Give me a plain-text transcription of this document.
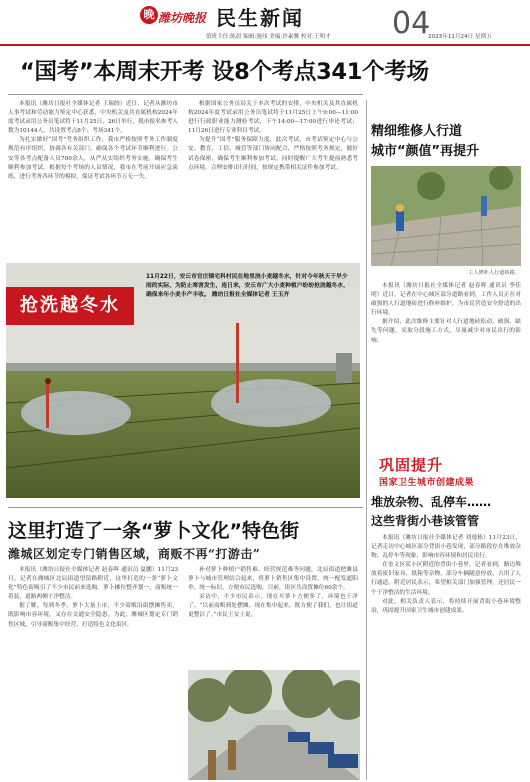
晚 潍坊晚报 民生新闻
值班主任:陈晨 编辑:施玮 美编:许素馨 校对:王明才 04
2023年11月24日 星期五
“国考”本周末开考 设8个考点341个考场

本报讯（潍坊日报社全媒体记者 王瑞皎）近日，记者从潍坊市人事考试和劳动能力鉴定中心获悉，中央机关及其直属机构2024年度考试录用公务员笔试将于11月25日、26日举行，我市报名参考人数为10144人，共设置考点8个、考场341个。

为扎实做好“国考”考务组织工作，我市严格按照考务工作制度规范有序组织，协调各有关部门，确保各个考试环节顺利进行。公安等各考点配备人员700余人，从严从实组织考务实施，确保考生顺利参加考试。根据每个考场的人员情况，我市在考前开展应急演练，进行考务各环节的模拟，保证考试各环节万无一失。

根据国家公务员局关于本次考试的安排，中央机关及其直属机构2024年度考试录用公务员笔试将于11月25日上午9:00—11:00进行行政职业能力测验考试，下午14:00—17:00进行申论考试；11月26日进行专业科目考试。

为提升“国考”服务保障力度，此次考试，市考试鉴定中心与公安、教育、工信、城管等部门协同配合，严格按照考务规定，做好试卷保密，确保考生顺利参加考试。同时提醒广大考生提前熟悉考点环境，合理安排出行时间，按规定携带相关证件参加考试。

抢洗越冬水
11月22日，安丘市官庄镇宅科村民在地里浇小麦越冬水，针对今年秋天干旱少雨的实际，为防止寒害发生，连日来，安丘市广大小麦种植户纷纷抢浇越冬水，确保来年小麦丰产丰收。 潍坊日报社全媒体记者 王玉齐
这里打造了一条“萝卜文化”特色街
潍城区划定专门销售区域，商贩不再“打游击”

本报讯（潍坊日报社全媒体记者 赵春晖 通讯员 夏鹏）11月23日，记者在潍城区北辰街道望留路附近，这里打造的一条“萝卜文化”特色街吸引了不少市民前来选购。萝卜摊位整齐划一，商贩统一着装，道路两侧干净整洁。

据了解，每到冬季，萝卜大量上市，不少商贩沿街摆摊售卖，既影响市容环境，又存在交通安全隐患。为此，潍城区划定专门销售区域，引导商贩集中经营，打造特色文化街区。

补对萝卜种植户销售难、经营规范难等问题，北辰街道把潍县萝卜与城市管理结合起来，将萝卜销售区集中设置，统一配发遮阳伞、统一标识，方便市民选购。目前，街区共设置摊位60余个。

采访中，不少市民表示，现在买萝卜方便多了，环境也干净了。“以前商贩到处摆摊，现在集中起来，既方便了我们，也让街道更整洁了。”市民王女士说。

精细维修人行道
城市“颜值”再提升
工人修补人行道砖路。

本报讯（潍坊日报社全媒体记者 赵春晖 通讯员 李佳明）近日，记者在中心城区部分道路看到，工作人员正在对破损的人行道地砖进行修补维护，为市民营造安全舒适的出行环境。

据介绍，此次维修主要针对人行道地砖松动、破损、缺失等问题，采取分段施工方式，尽量减少对市民出行的影响。

巩固提升
国家卫生城市创建成果
堆放杂物、乱停车……
这些背街小巷该管管

本报讯（潍坊日报社全媒体记者 刘逸栋）11月23日，记者走访中心城区部分背街小巷发现，部分路段存在堆放杂物、乱停车等现象，影响市容环境和居民出行。

在奎文区某小区附近的背街小巷里，记者看到，路边堆放着废旧家具、纸箱等杂物，部分车辆随意停放，占用了人行通道。附近居民表示，希望相关部门加强管理，还居民一个干净整洁的生活环境。

对此，相关负责人表示，将持续开展背街小巷环境整治，巩固提升国家卫生城市创建成果。
